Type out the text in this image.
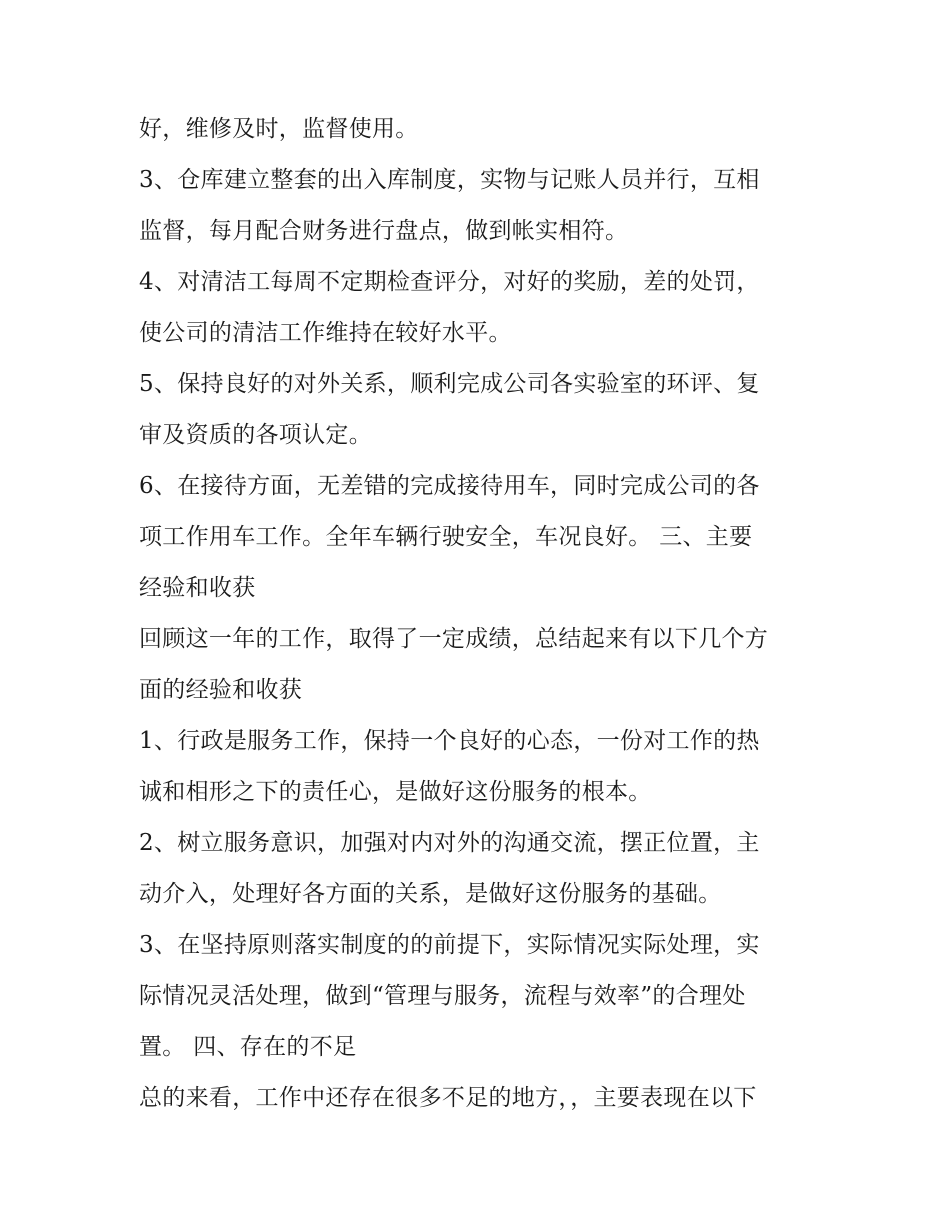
好，维修及时，监督使用。
3、仓库建立整套的出入库制度，实物与记账人员并行，互相
监督，每月配合财务进行盘点，做到帐实相符。
4、对清洁工每周不定期检查评分，对好的奖励，差的处罚，
使公司的清洁工作维持在较好水平。
5、保持良好的对外关系，顺利完成公司各实验室的环评、复
审及资质的各项认定。
6、在接待方面，无差错的完成接待用车，同时完成公司的各
项工作用车工作。全年车辆行驶安全，车况良好。 三、主要
经验和收获
回顾这一年的工作，取得了一定成绩，总结起来有以下几个方
面的经验和收获
1、行政是服务工作，保持一个良好的心态，一份对工作的热
诚和相形之下的责任心，是做好这份服务的根本。
2、树立服务意识，加强对内对外的沟通交流，摆正位置，主
动介入，处理好各方面的关系，是做好这份服务的基础。
3、在坚持原则落实制度的的前提下，实际情况实际处理，实
际情况灵活处理，做到“管理与服务，流程与效率”的合理处
置。 四、存在的不足
总的来看，工作中还存在很多不足的地方，，主要表现在以下
